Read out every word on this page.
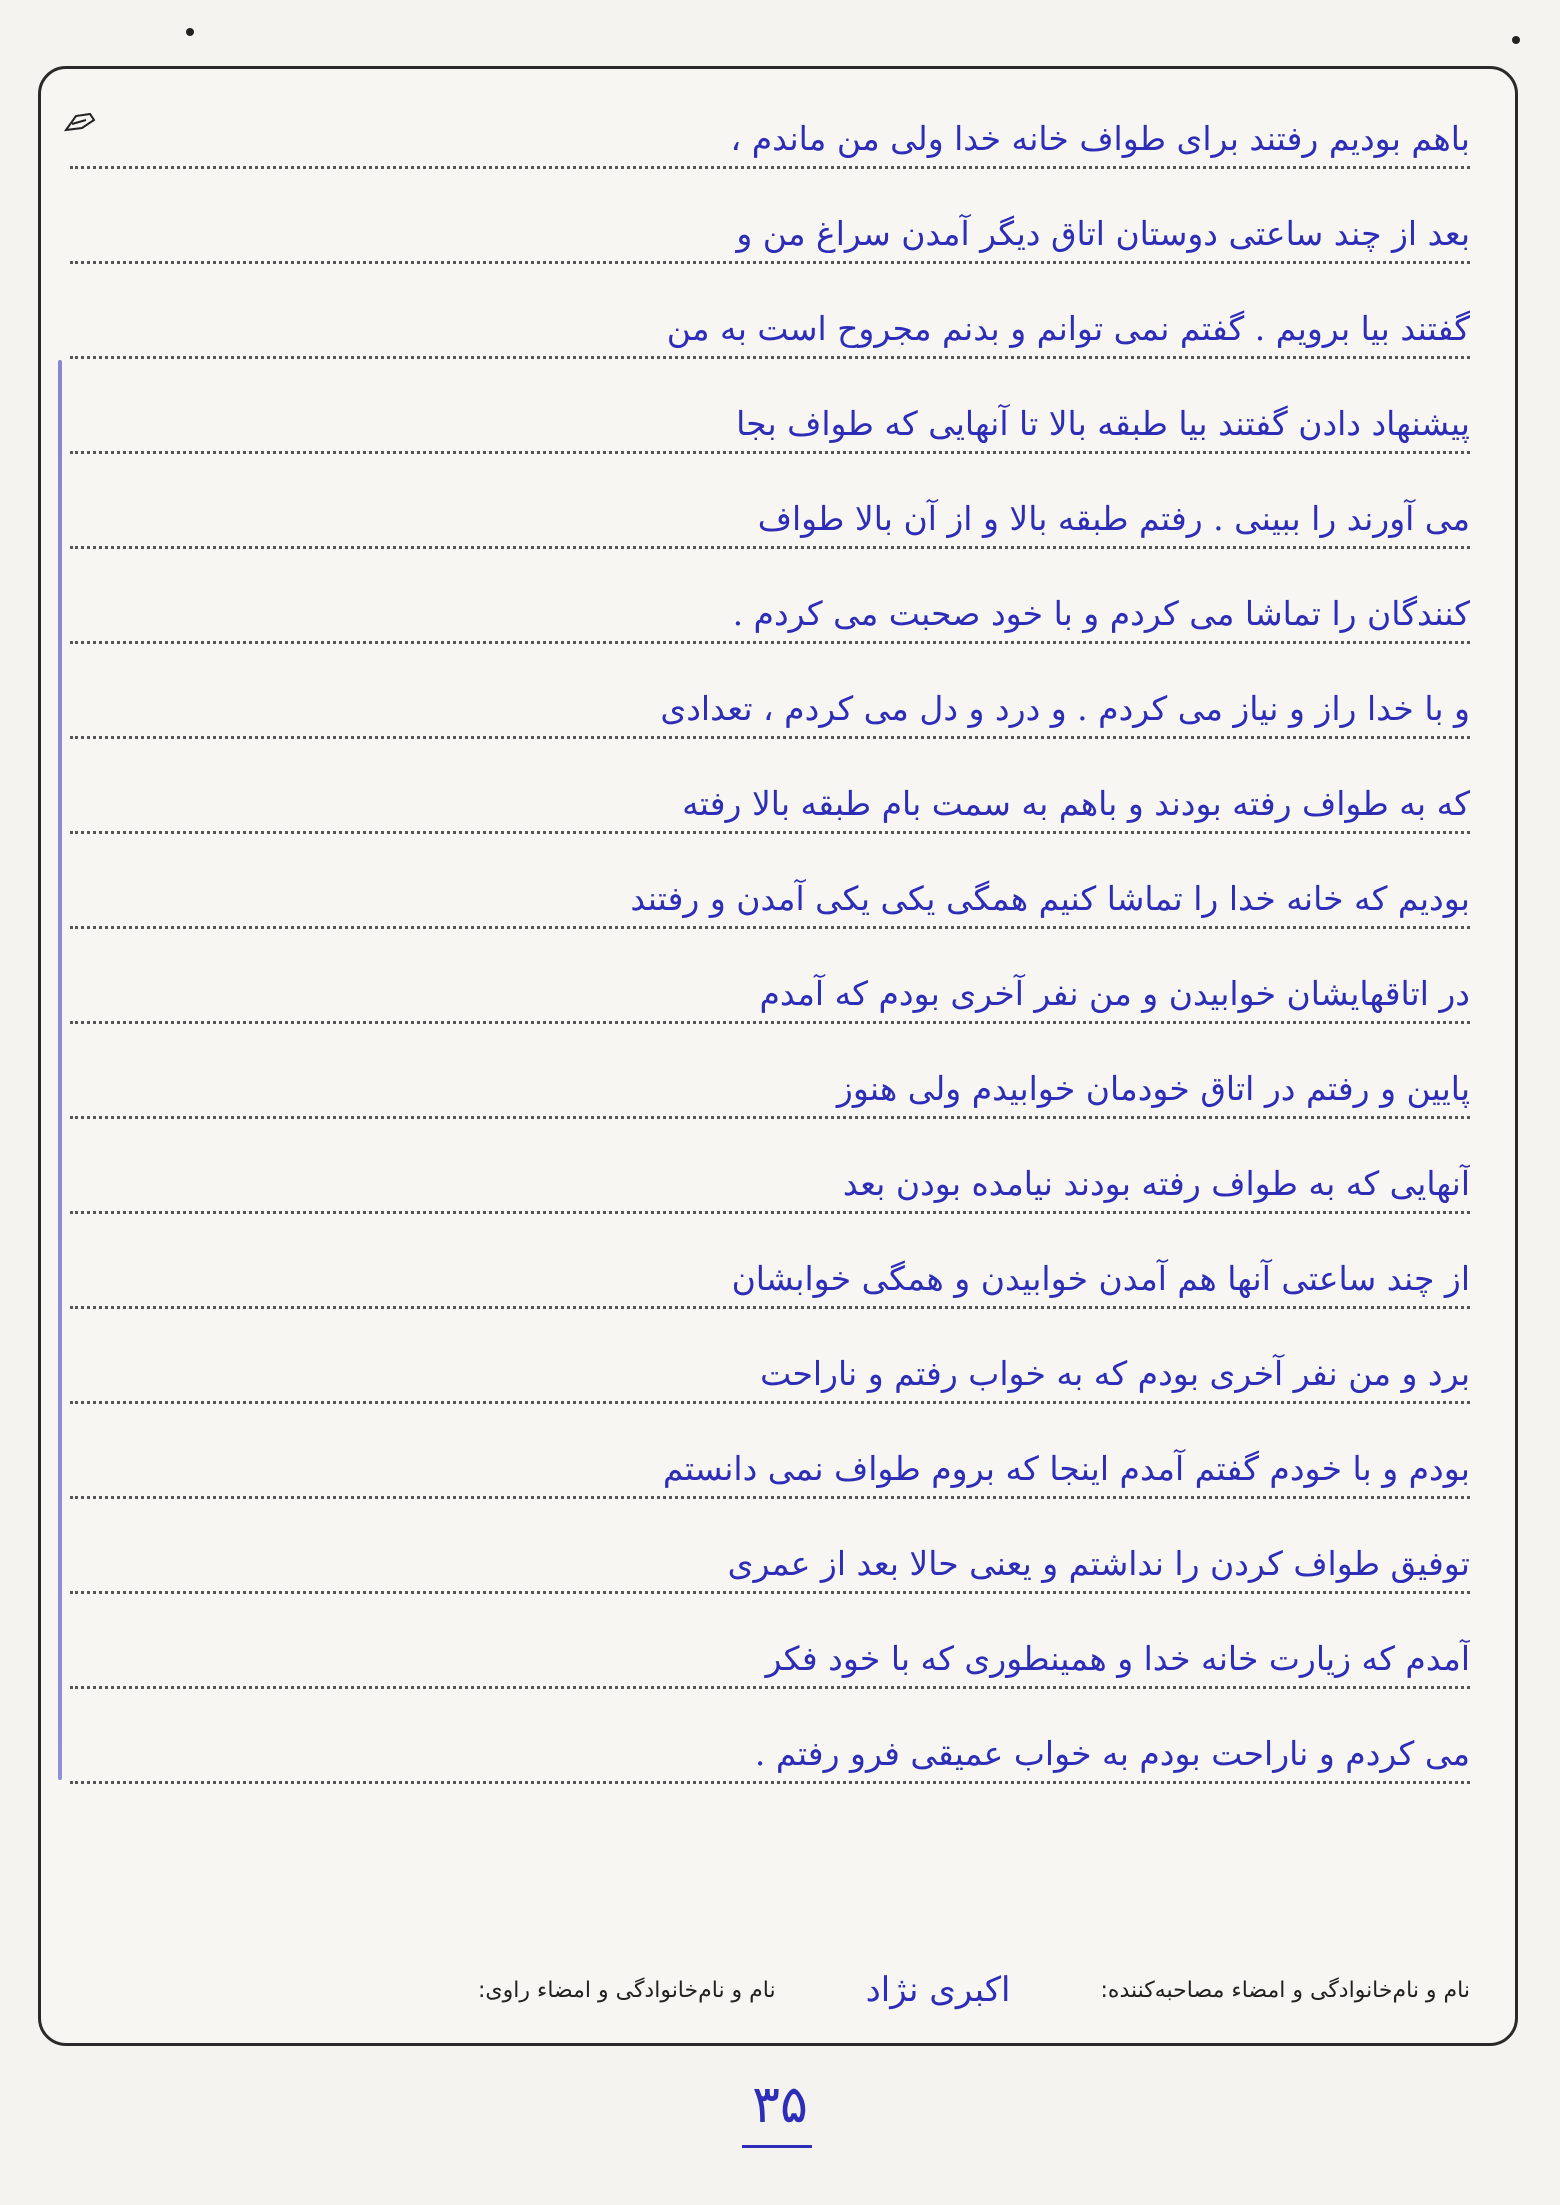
باهم بودیم رفتند برای طواف خانه خدا ولی من ماندم ،
بعد از چند ساعتی دوستان اتاق دیگر آمدن سراغ من و
گفتند بیا برویم . گفتم نمی توانم و بدنم مجروح است به من
پیشنهاد دادن گفتند بیا طبقه بالا تا آنهایی که طواف بجا
می آورند را ببینی . رفتم طبقه بالا و از آن بالا طواف
کنندگان را تماشا می کردم و با خود صحبت می کردم .
و با خدا راز و نیاز می کردم . و درد و دل می کردم ، تعدادی
که به طواف رفته بودند و باهم به سمت بام طبقه بالا رفته
بودیم که خانه خدا را تماشا کنیم همگی یکی یکی آمدن و رفتند
در اتاقهایشان خوابیدن و من نفر آخری بودم که آمدم
پایین و رفتم در اتاق خودمان خوابیدم ولی هنوز
آنهایی که به طواف رفته بودند نیامده بودن بعد
از چند ساعتی آنها هم آمدن خوابیدن و همگی خوابشان
برد و من نفر آخری بودم که به خواب رفتم و ناراحت
بودم و با خودم گفتم آمدم اینجا که بروم طواف نمی دانستم
توفیق طواف کردن را نداشتم و یعنی حالا بعد از عمری
آمدم که زیارت خانه خدا و همینطوری که با خود فکر
می کردم و ناراحت بودم به خواب عمیقی فرو رفتم .
نام و نام‌خانوادگی و امضاء مصاحبه‌کننده:
اکبری نژاد
نام و نام‌خانوادگی و امضاء راوی:
۳۵
